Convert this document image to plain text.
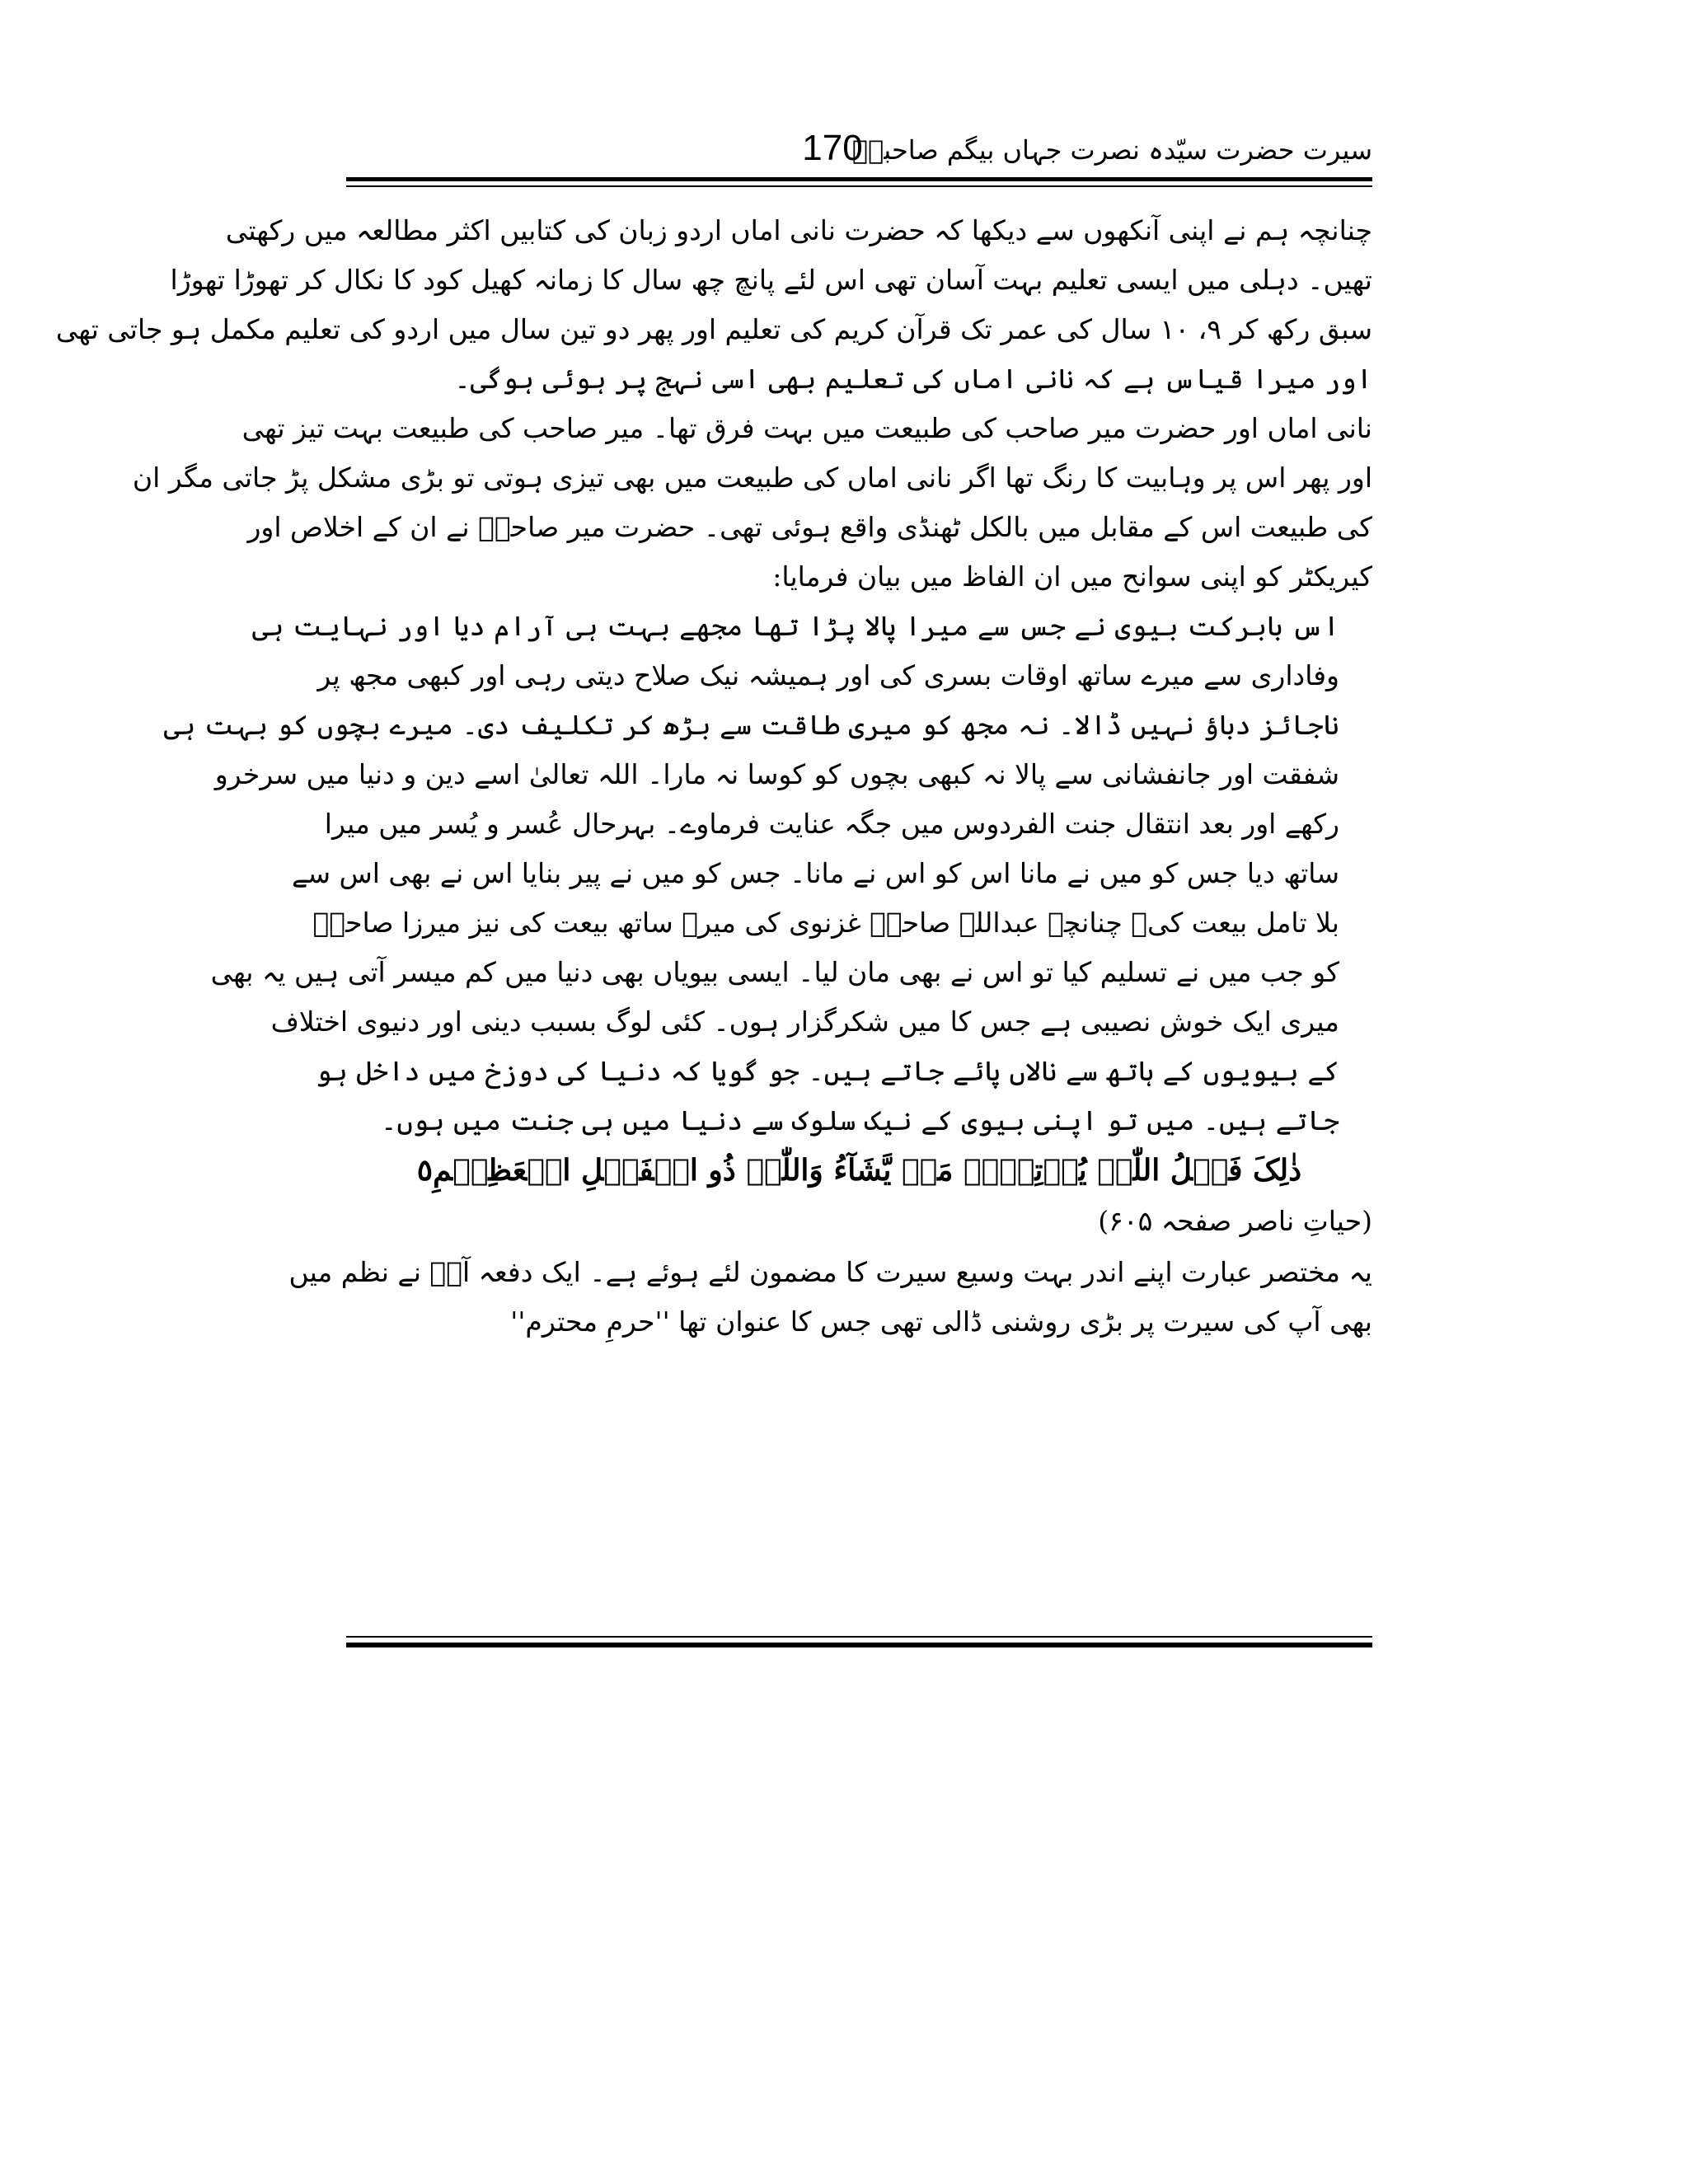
170
سیرت حضرت سیّدہ نصرت جہاں بیگم صاحبہؓ
چنانچہ ہم نے اپنی آنکھوں سے دیکھا کہ حضرت نانی اماں اردو زبان کی کتابیں اکثر مطالعہ میں رکھتی
تھیں۔ دہلی میں ایسی تعلیم بہت آسان تھی اس لئے پانچ چھ سال کا زمانہ کھیل کود کا نکال کر تھوڑا تھوڑا
سبق رکھ کر ۹، ۱۰ سال کی عمر تک قرآن کریم کی تعلیم اور پھر دو تین سال میں اردو کی تعلیم مکمل ہو جاتی تھی
اور میرا قیاس ہے کہ نانی اماں کی تعلیم بھی اسی نہج پر ہوئی ہوگی۔
نانی اماں اور حضرت میر صاحب کی طبیعت میں بہت فرق تھا۔ میر صاحب کی طبیعت بہت تیز تھی
اور پھر اس پر وہابیت کا رنگ تھا اگر نانی اماں کی طبیعت میں بھی تیزی ہوتی تو بڑی مشکل پڑ جاتی مگر ان
کی طبیعت اس کے مقابل میں بالکل ٹھنڈی واقع ہوئی تھی۔ حضرت میر صاحبؓ نے ان کے اخلاص اور
کیریکٹر کو اپنی سوانح میں ان الفاظ میں بیان فرمایا:
اس بابرکت بیوی نے جس سے میرا پالا پڑا تھا مجھے بہت ہی آرام دیا اور نہایت ہی
وفاداری سے میرے ساتھ اوقات بسری کی اور ہمیشہ نیک صلاح دیتی رہی اور کبھی مجھ پر
ناجائز دباؤ نہیں ڈالا۔ نہ مجھ کو میری طاقت سے بڑھ کر تکلیف دی۔ میرے بچوں کو بہت ہی
شفقت اور جانفشانی سے پالا نہ کبھی بچوں کو کوسا نہ مارا۔ اللہ تعالیٰ اسے دین و دنیا میں سرخرو
رکھے اور بعد انتقال جنت الفردوس میں جگہ عنایت فرماوے۔ بہرحال عُسر و یُسر میں میرا
ساتھ دیا جس کو میں نے مانا اس کو اس نے مانا۔ جس کو میں نے پیر بنایا اس نے بھی اس سے
بلا تامل بیعت کی۔ چنانچہ عبداللہ صاحبؓ غزنوی کی میرے ساتھ بیعت کی نیز میرزا صاحبؑ
کو جب میں نے تسلیم کیا تو اس نے بھی مان لیا۔ ایسی بیویاں بھی دنیا میں کم میسر آتی ہیں یہ بھی
میری ایک خوش نصیبی ہے جس کا میں شکرگزار ہوں۔ کئی لوگ بسبب دینی اور دنیوی اختلاف
کے بیویوں کے ہاتھ سے نالاں پائے جاتے ہیں۔ جو گویا کہ دنیا کی دوزخ میں داخل ہو
جاتے ہیں۔ میں تو اپنی بیوی کے نیک سلوک سے دنیا میں ہی جنت میں ہوں۔
ذٰلِکَ فَضۡلُ اللّٰہِ یُؤۡتِیۡہِ مَنۡ یَّشَآءُ وَاللّٰہُ ذُو الۡفَضۡلِ الۡعَظِیۡمِ٥
(حیاتِ ناصر صفحہ ۶۰۵)
یہ مختصر عبارت اپنے اندر بہت وسیع سیرت کا مضمون لئے ہوئے ہے۔ ایک دفعہ آپؓ نے نظم میں
بھی آپ کی سیرت پر بڑی روشنی ڈالی تھی جس کا عنوان تھا ''حرمِ محترم''
